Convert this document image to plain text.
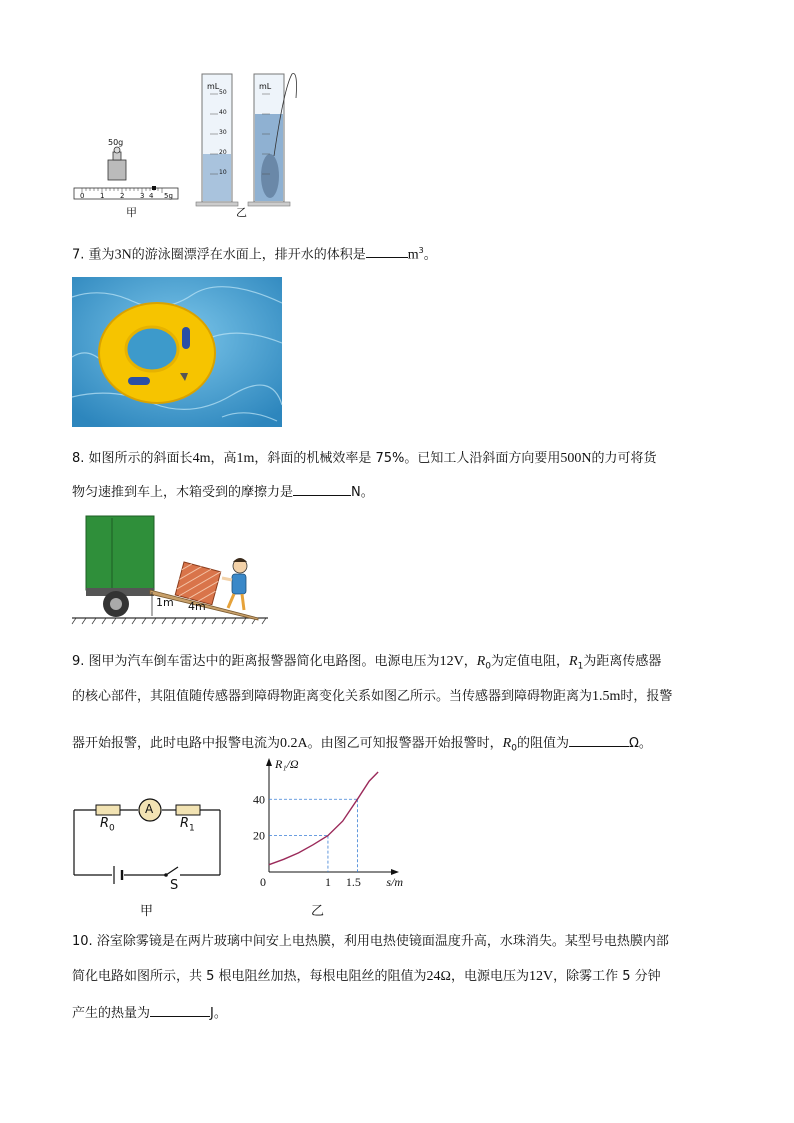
50g
0 1 2 3 4 5g
mL	mL
50
40
30
20
10
甲	乙
7. 重为3N的游泳圈漂浮在水面上，排开水的体积是	$m^3$。
8. 如图所示的斜面长4m，高1m，斜面的机械效率是 75%。已知工人沿斜面方向要用500N的力可将货
物匀速推到车上，木箱受到的摩擦力是	N。
1m 4m
9. 图甲为汽车倒车雷达中的距离报警器简化电路图。电源电压为12V，$R_0$为定值电阻，$R_1$为距离传感器
的核心部件，其阻值随传感器到障碍物距离变化关系如图乙所示。当传感器到障碍物距离为1.5m时，报警
器开始报警，此时电路中报警电流为0.2A。由图乙可知报警器开始报警时，$R_0$的阻值为	Ω。
A
$R_0$	$R_1$
S
甲
0	1 1.5
20
40
s/m
R₁/Ω
乙
10. 浴室除雾镜是在两片玻璃中间安上电热膜，利用电热使镜面温度升高，水珠消失。某型号电热膜内部
简化电路如图所示，共 5 根电阻丝加热，每根电阻丝的阻值为24Ω，电源电压为12V，除雾工作 5 分钟
产生的热量为	J。
